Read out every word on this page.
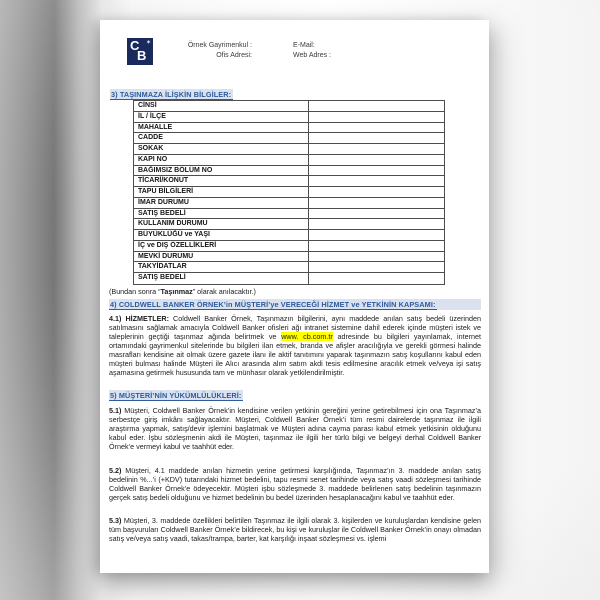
C ✶
B
Örnek Gayrimenkul :
Ofis Adresi:
E-Mail:
Web Adres :
3) TAŞINMAZA İLİŞKİN BİLGİLER:
CİNSİ
İL / İLÇE
MAHALLE
CADDE
SOKAK
KAPI NO
BAĞIMSIZ BÖLÜM NO
TİCARİ/KONUT
TAPU BİLGİLERİ
İMAR DURUMU
SATIŞ BEDELİ
KULLANIM DURUMU
BÜYÜKLÜĞÜ ve YAŞI
İÇ ve DIŞ ÖZELLİKLERİ
MEVKİ DURUMU
TAKYİDATLAR
SATIŞ BEDELİ
(Bundan sonra “Taşınmaz” olarak anılacaktır.)
4) COLDWELL BANKER ÖRNEK’in MÜŞTERİ’ye VERECEĞİ HİZMET ve YETKİNİN KAPSAMI:

4.1) HİZMETLER: Coldwell Banker Örnek, Taşınmazın bilgilerini, aynı maddede anılan satış bedeli üzerinden satılmasını sağlamak amacıyla Coldwell Banker ofisleri ağı intranet sistemine dahil ederek içinde müşteri istek ve taleplerinin geçtiği taşınmaz ağında belirtmek ve www. cb.com.tr adresinde bu bilgileri yayınlamak, internet ortamındaki gayrimenkul sitelerinde bu bilgileri ilan etmek, branda ve afişler aracılığıyla ve gerekli görmesi halinde masrafları kendisine ait olmak üzere gazete ilanı ile aktif tanıtımını yaparak taşınmazın satış koşullarını kabul eden müşteri bulması halinde Müşteri ile Alıcı arasında alım satım akdi tesis edilmesine aracılık etmek ve/veya işi satış aşamasına getirmek hususunda tam ve münhasır olarak yetkilendirilmiştir.

5) MÜŞTERİ’NİN YÜKÜMLÜLÜKLERİ:

5.1) Müşteri, Coldwell Banker Örnek’in kendisine verilen yetkinin gereğini yerine getirebilmesi için ona Taşınmaz’a serbestçe giriş imkânı sağlayacaktır. Müşteri, Coldwell Banker Örnek’i tüm resmi dairelerde taşınmaz ile ilgili araştırma yapmak, satış/devir işlemini başlatmak ve Müşteri adına cayma parası kabul etmek yetkisinin olduğunu kabul eder. İşbu sözleşmenin akdi ile Müşteri, taşınmaz ile ilgili her türlü bilgi ve belgeyi derhal Coldwell Banker Örnek’e vermeyi kabul ve taahhüt eder.

5.2) Müşteri, 4.1 maddede anılan hizmetin yerine getirmesi karşılığında, Taşınmaz’ın 3. maddede anılan satış bedelinin %...’i (+KDV) tutarındaki hizmet bedelini, tapu resmi senet tarihinde veya satış vaadi sözleşmesi tarihinde Coldwell Banker Örnek’e ödeyecektir. Müşteri işbu sözleşmede 3. maddede belirlenen satış bedelinin taşınmazın gerçek satış bedeli olduğunu ve hizmet bedelinin bu bedel üzerinden hesaplanacağını kabul ve taahhüt eder.

5.3) Müşteri, 3. maddede özellikleri belirtilen Taşınmaz ile ilgili olarak 3. kişilerden ve kuruluşlardan kendisine gelen tüm başvuruları Coldwell Banker Örnek’e bildirecek, bu kişi ve kuruluşlar ile Coldwell Banker Örnek’in onayı olmadan satış ve/veya satış vaadi, takas/trampa, barter, kat karşılığı inşaat sözleşmesi vs. işlemi
